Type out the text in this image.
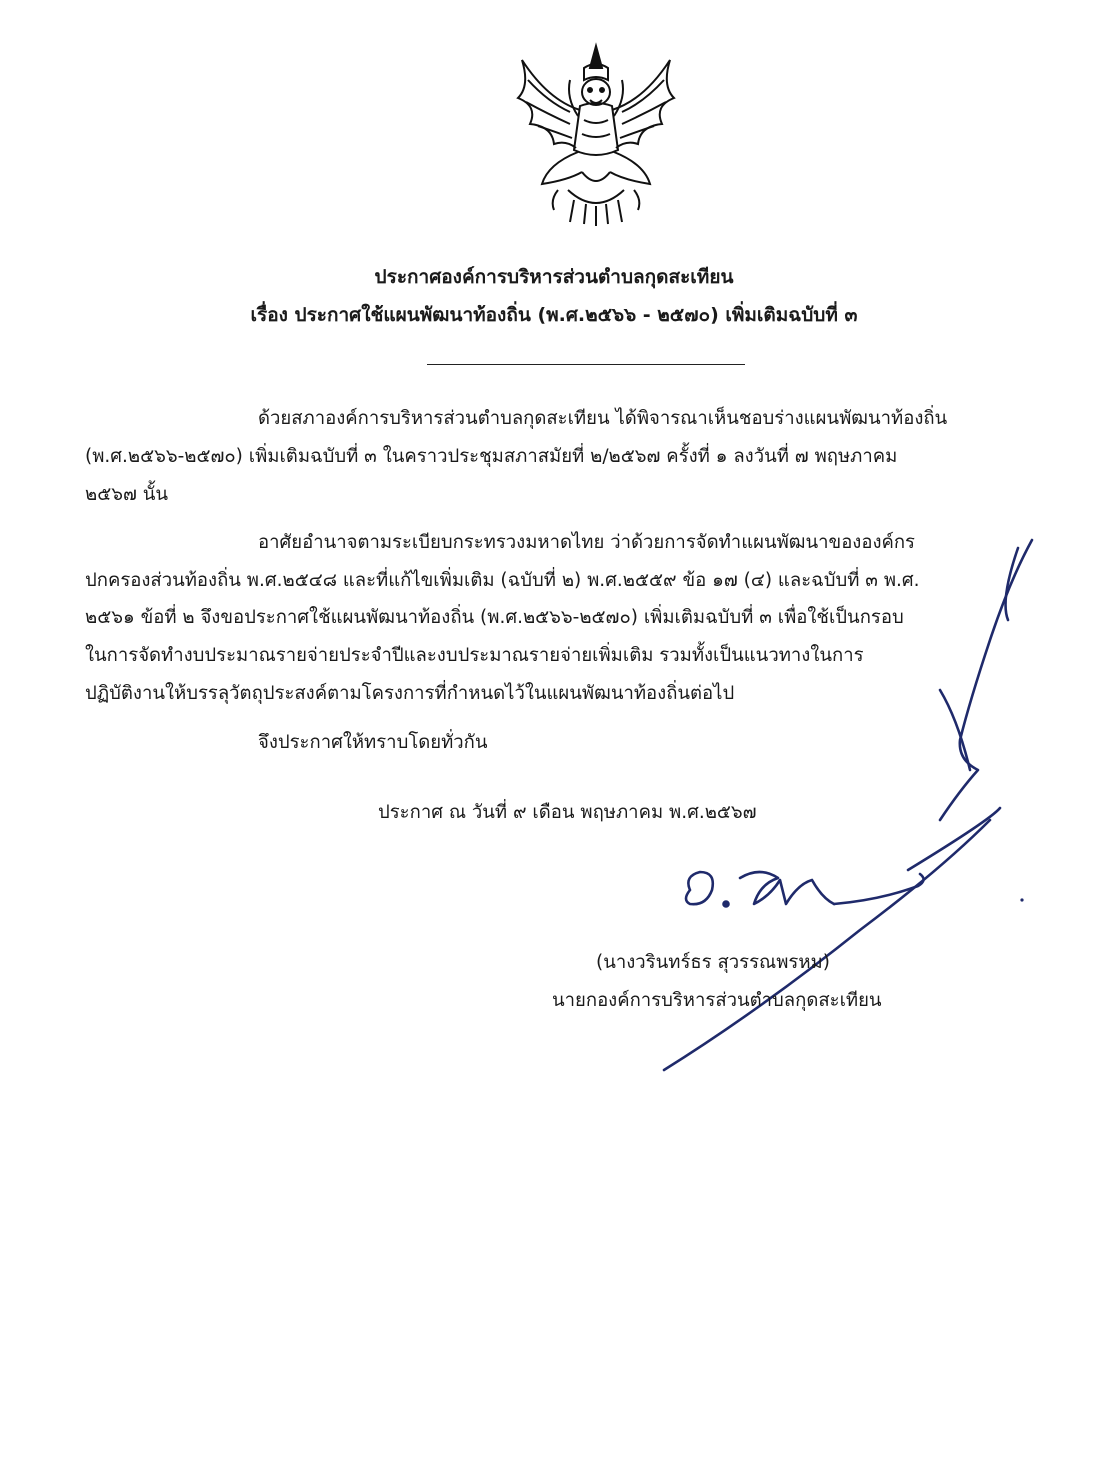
ประกาศองค์การบริหารส่วนตำบลกุดสะเทียน
เรื่อง ประกาศใช้แผนพัฒนาท้องถิ่น (พ.ศ.๒๕๖๖ - ๒๕๗๐) เพิ่มเติมฉบับที่ ๓
ด้วยสภาองค์การบริหารส่วนตำบลกุดสะเทียน ได้พิจารณาเห็นชอบร่างแผนพัฒนาท้องถิ่น
(พ.ศ.๒๕๖๖-๒๕๗๐) เพิ่มเติมฉบับที่ ๓ ในคราวประชุมสภาสมัยที่ ๒/๒๕๖๗ ครั้งที่ ๑ ลงวันที่ ๗ พฤษภาคม
๒๕๖๗ นั้น
อาศัยอำนาจตามระเบียบกระทรวงมหาดไทย ว่าด้วยการจัดทำแผนพัฒนาขององค์กร
ปกครองส่วนท้องถิ่น พ.ศ.๒๕๔๘ และที่แก้ไขเพิ่มเติม (ฉบับที่ ๒) พ.ศ.๒๕๕๙ ข้อ ๑๗ (๔) และฉบับที่ ๓ พ.ศ.
๒๕๖๑ ข้อที่ ๒ จึงขอประกาศใช้แผนพัฒนาท้องถิ่น (พ.ศ.๒๕๖๖-๒๕๗๐) เพิ่มเติมฉบับที่ ๓ เพื่อใช้เป็นกรอบ
ในการจัดทำงบประมาณรายจ่ายประจำปีและงบประมาณรายจ่ายเพิ่มเติม รวมทั้งเป็นแนวทางในการ
ปฏิบัติงานให้บรรลุวัตถุประสงค์ตามโครงการที่กำหนดไว้ในแผนพัฒนาท้องถิ่นต่อไป
จึงประกาศให้ทราบโดยทั่วกัน
ประกาศ ณ วันที่ ๙ เดือน พฤษภาคม พ.ศ.๒๕๖๗
(นางวรินทร์ธร สุวรรณพรหม)
นายกองค์การบริหารส่วนตำบลกุดสะเทียน
